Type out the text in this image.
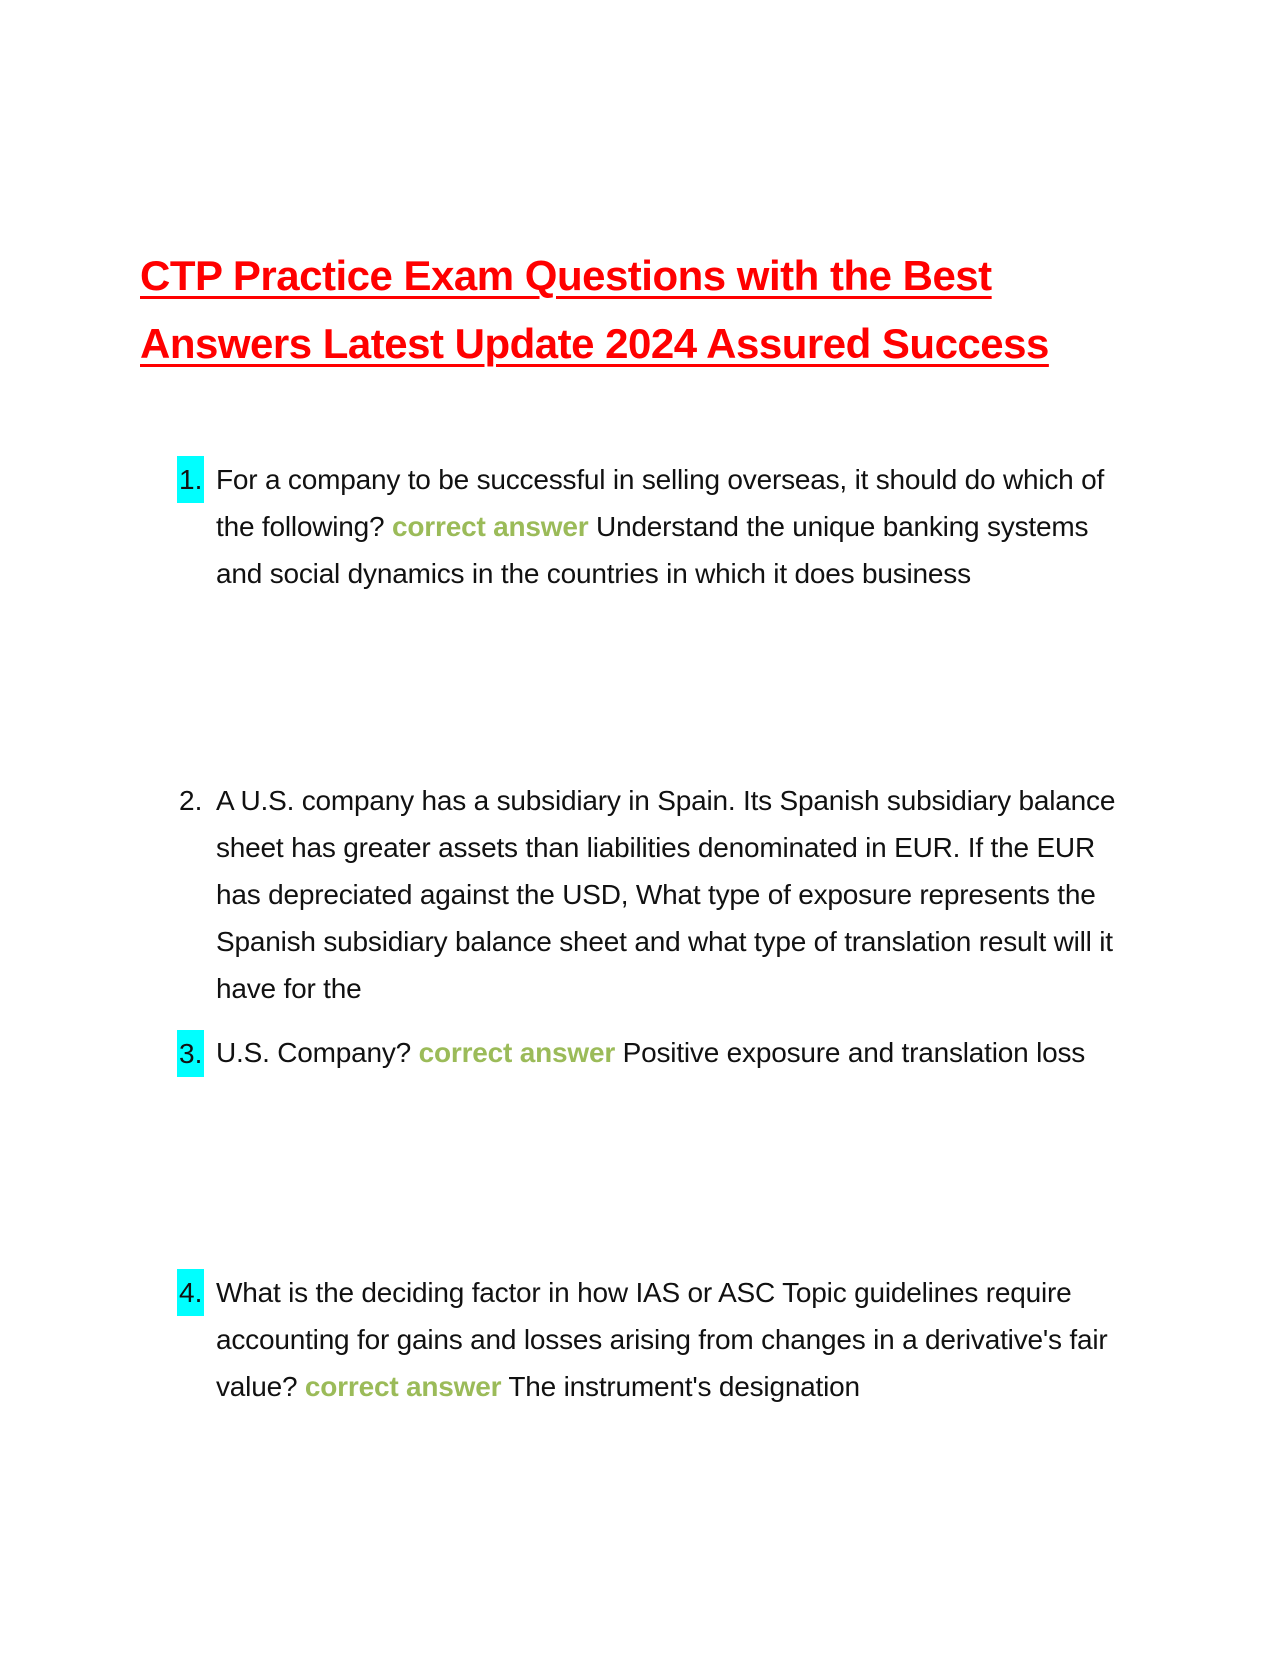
CTP Practice Exam Questions with the Best
Answers Latest Update 2024 Assured Success
1. For a company to be successful in selling overseas, it should do which of the following? correct answer Understand the unique banking systems and social dynamics in the countries in which it does business

2. A U.S. company has a subsidiary in Spain. Its Spanish subsidiary balance sheet has greater assets than liabilities denominated in EUR. If the EUR has depreciated against the USD, What type of exposure represents the Spanish subsidiary balance sheet and what type of translation result will it have for the

3. U.S. Company? correct answer Positive exposure and translation loss

4. What is the deciding factor in how IAS or ASC Topic guidelines require accounting for gains and losses arising from changes in a derivative's fair value? correct answer The instrument's designation
